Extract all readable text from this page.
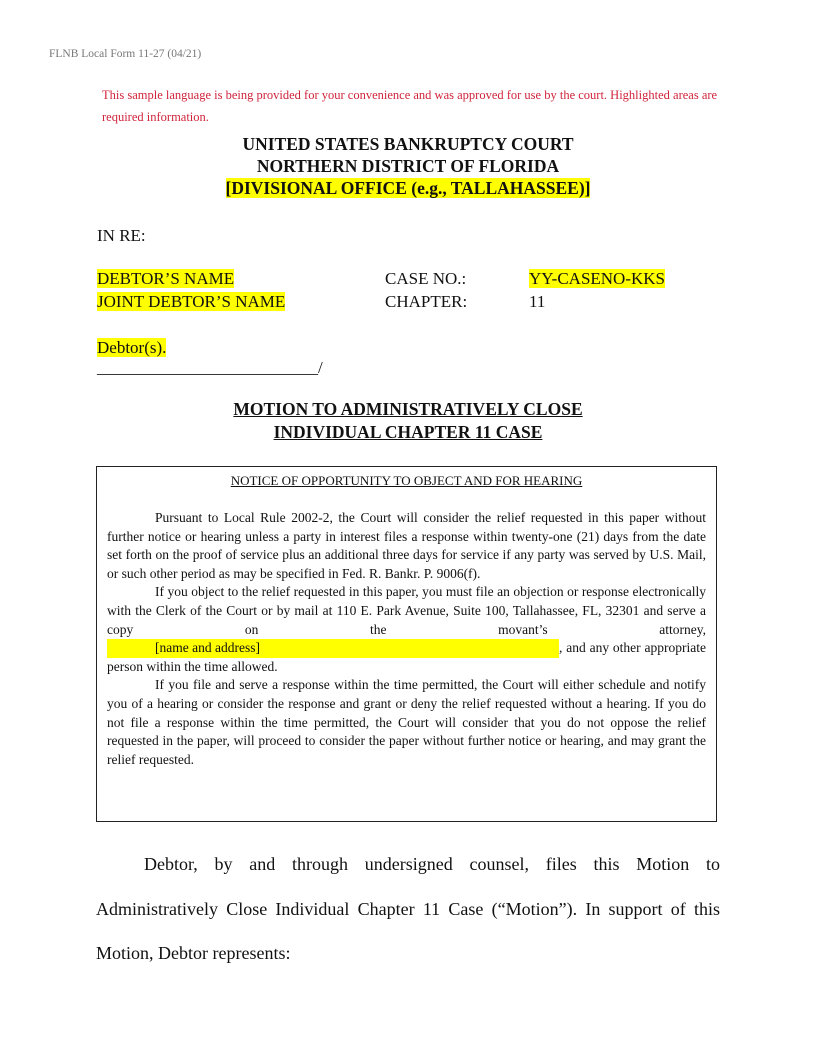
FLNB Local Form 11-27 (04/21)
This sample language is being provided for your convenience and was approved for use by the court. Highlighted areas are required information.
UNITED STATES BANKRUPTCY COURT
NORTHERN DISTRICT OF FLORIDA
[DIVISIONAL OFFICE (e.g., TALLAHASSEE)]
IN RE:
DEBTOR’S NAME
JOINT DEBTOR’S NAME
CASE NO.:	YY-CASENO-KKS
CHAPTER:	11
Debtor(s).
__________________________/
MOTION TO ADMINISTRATIVELY CLOSE
INDIVIDUAL CHAPTER 11 CASE
NOTICE OF OPPORTUNITY TO OBJECT AND FOR HEARING

Pursuant to Local Rule 2002-2, the Court will consider the relief requested in this paper without further notice or hearing unless a party in interest files a response within twenty-one (21) days from the date set forth on the proof of service plus an additional three days for service if any party was served by U.S. Mail, or such other period as may be specified in Fed. R. Bankr. P. 9006(f).

If you object to the relief requested in this paper, you must file an objection or response electronically with the Clerk of the Court or by mail at 110 E. Park Avenue, Suite 100, Tallahassee, FL, 32301 and serve a copy on the movant’s attorney, [name and address]	, and any other appropriate person within the time allowed.

If you file and serve a response within the time permitted, the Court will either schedule and notify you of a hearing or consider the response and grant or deny the relief requested without a hearing. If you do not file a response within the time permitted, the Court will consider that you do not oppose the relief requested in the paper, will proceed to consider the paper without further notice or hearing, and may grant the relief requested.

Debtor, by and through undersigned counsel, files this Motion to Administratively Close Individual Chapter 11 Case (“Motion”). In support of this Motion, Debtor represents:
